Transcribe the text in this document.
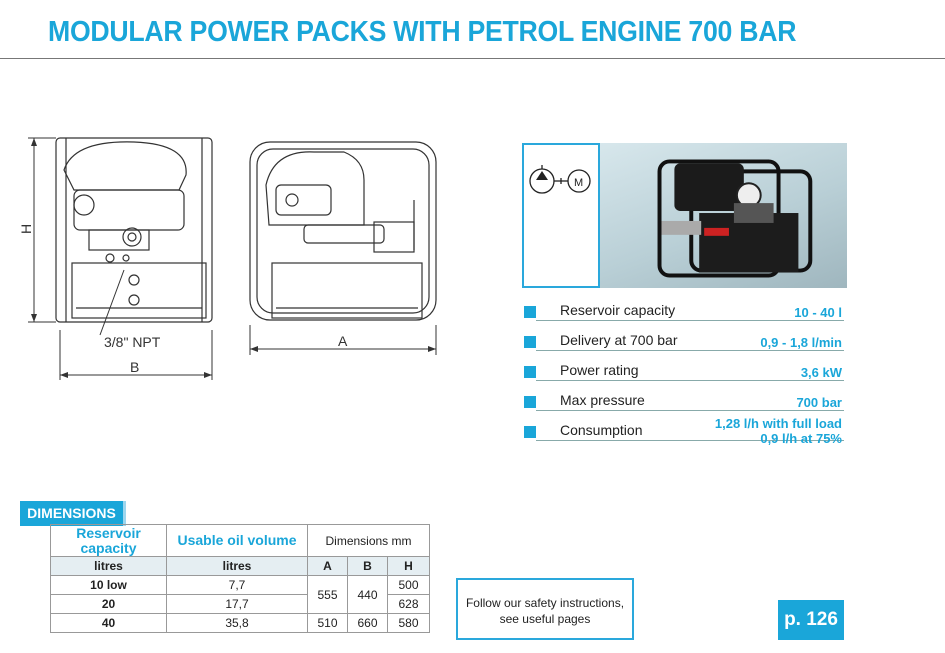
MODULAR POWER PACKS WITH PETROL ENGINE 700 BAR
H
3/8" NPT
B
A
M
Reservoir capacity	10 - 40 l
Delivery at 700 bar	0,9 - 1,8 l/min
Power rating	3,6 kW
Max pressure	700 bar
Consumption	1,28 l/h with full load
0,9 l/h at 75%
DIMENSIONS
Reservoir capacity	Usable oil volume	Dimensions mm		
litres	litres	A	B	H
10 low	7,7	555	440	500
20	17,7			628
40	35,8	510	660	580
Follow our safety instructions,
see useful pages	p. 126
